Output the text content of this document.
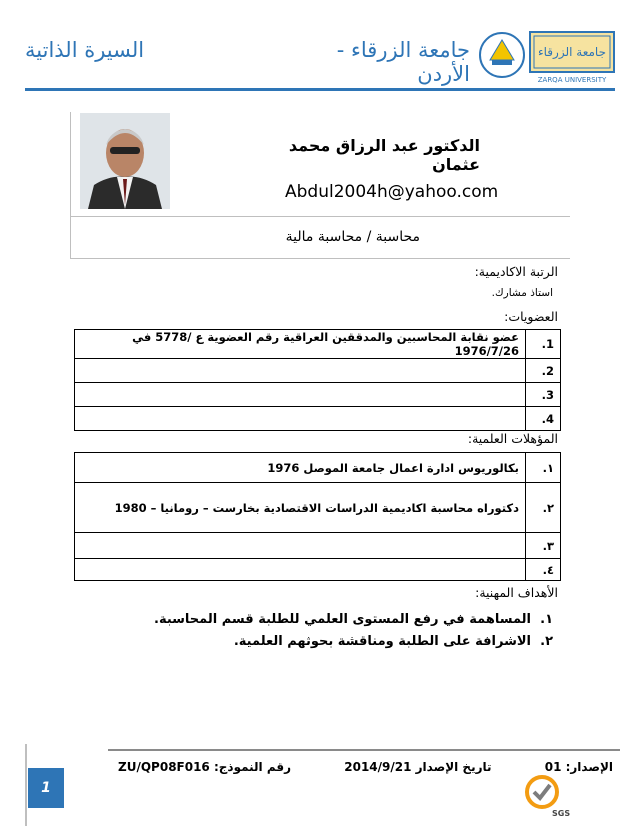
السيرة الذاتية	جامعة الزرقاء - الأردن
جامعة الزرقاء
ZARQA UNIVERSITY
الدكتور عبد الرزاق محمد عثمان
Abdul2004h@yahoo.com
محاسبة / محاسبة مالية
الرتبة الاكاديمية:
استاذ مشارك.
العضويات:
1.	عضو نقابة المحاسبين والمدققين العراقية رقم العضوية ع /5778 في 1976/7/26
2.	
3.	
4.	
المؤهلات العلمية:
١.	بكالوريوس ادارة اعمال جامعة الموصل 1976
٢.	دكتوراه محاسبة اكاديمية الدراسات الاقتصادية بخارست – رومانيا – 1980
٣.	
٤.	
الأهداف المهنية:
١.
المساهمة في رفع المستوى العلمي للطلبة قسم المحاسبة.
٢.
الاشرافة على الطلبة ومناقشة بحوثهم العلمية.
الإصدار: 01
تاريخ الإصدار 2014/9/21
رقم النموذج: ZU/QP08F016
1
SGS
